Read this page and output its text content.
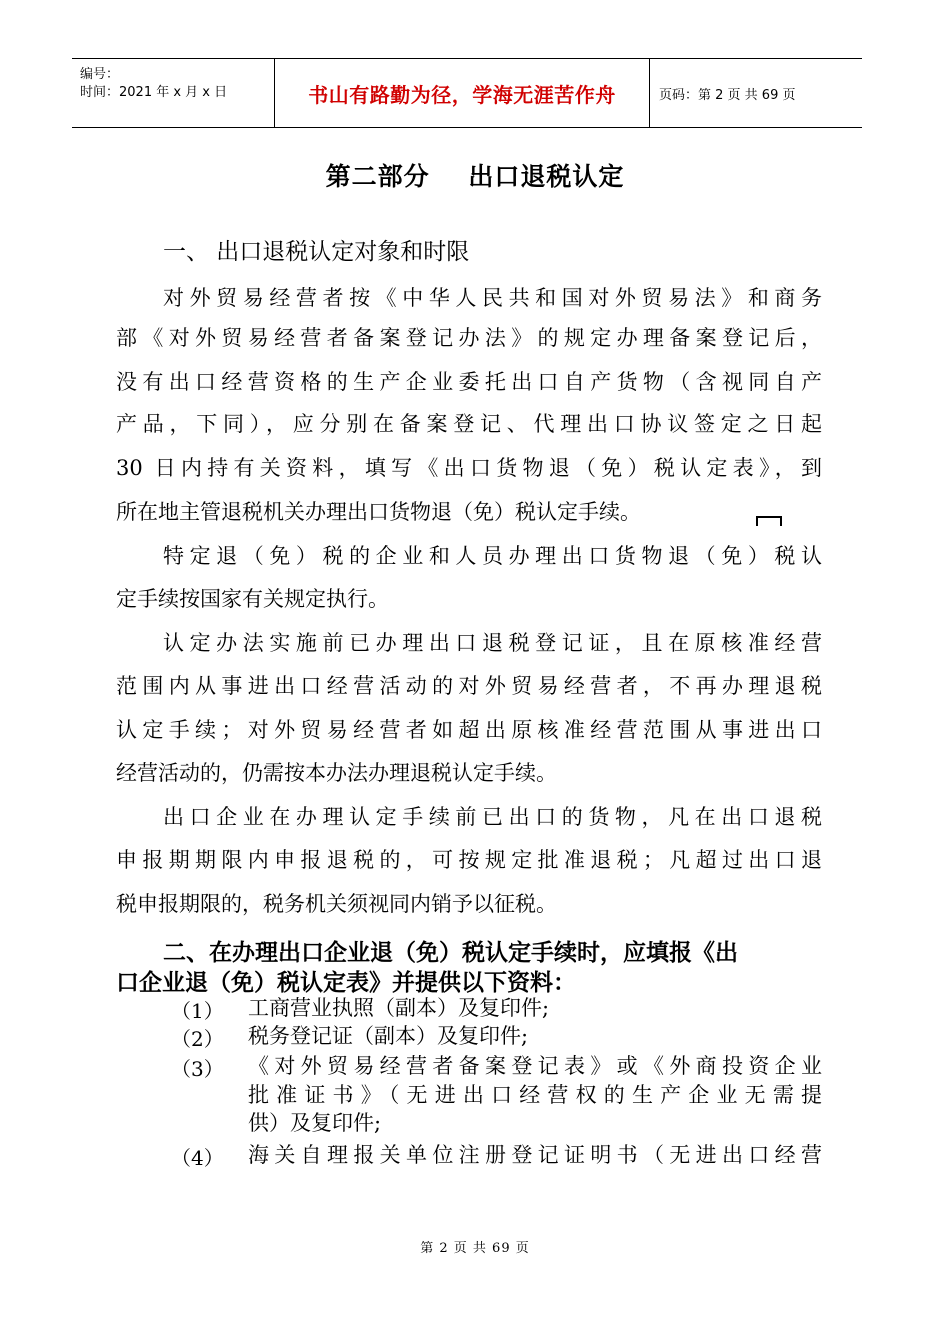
编号：
时间：2021 年 x 月 x 日	书山有路勤为径，学海无涯苦作舟	页码：第 2 页 共 69 页
第二部分    出口退税认定
一、 出口退税认定对象和时限
对外贸易经营者按《中华人民共和国对外贸易法》和商务
部《对外贸易经营者备案登记办法》的规定办理备案登记后，
没有出口经营资格的生产企业委托出口自产货物（含视同自产
产品，下同），应分别在备案登记、代理出口协议签定之日起
30 日内持有关资料，填写《出口货物退（免）税认定表》，到
所在地主管退税机关办理出口货物退（免）税认定手续。
特定退（免）税的企业和人员办理出口货物退（免）税认
定手续按国家有关规定执行。
认定办法实施前已办理出口退税登记证，且在原核准经营
范围内从事进出口经营活动的对外贸易经营者，不再办理退税
认定手续；对外贸易经营者如超出原核准经营范围从事进出口
经营活动的，仍需按本办法办理退税认定手续。
出口企业在办理认定手续前已出口的货物，凡在出口退税
申报期期限内申报退税的，可按规定批准退税；凡超过出口退
税申报期限的，税务机关须视同内销予以征税。
二、在办理出口企业退（免）税认定手续时，应填报《出
口企业退（免）税认定表》并提供以下资料：
（1） 工商营业执照（副本）及复印件;
（2） 税务登记证（副本）及复印件;
（3） 《对外贸易经营者备案登记表》或《外商投资企业
批准证书》（无进出口经营权的生产企业无需提
供）及复印件;
（4） 海关自理报关单位注册登记证明书（无进出口经营
第 2 页 共 69 页
